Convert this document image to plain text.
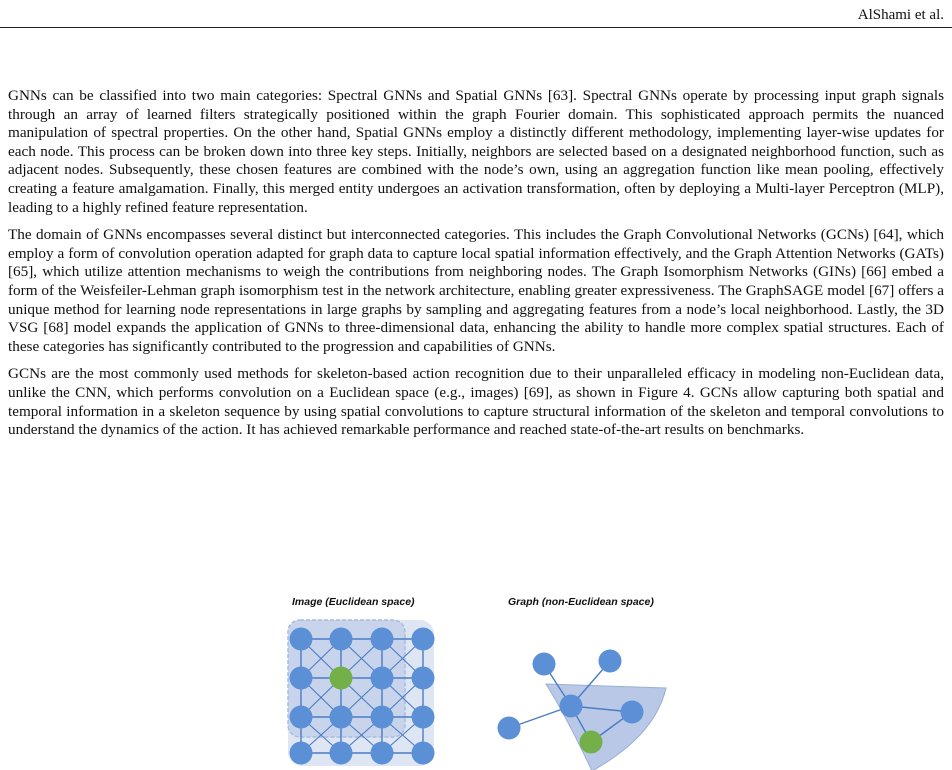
AlShami et al.

GNNs can be classified into two main categories: Spectral GNNs and Spatial GNNs [63]. Spectral GNNs operate by processing input graph signals through an array of learned filters strategically positioned within the graph Fourier domain. This sophisticated approach permits the nuanced manipulation of spectral properties. On the other hand, Spatial GNNs employ a distinctly different methodology, implementing layer-wise updates for each node. This process can be broken down into three key steps. Initially, neighbors are selected based on a designated neighborhood function, such as adjacent nodes. Subsequently, these chosen features are combined with the node’s own, using an aggregation function like mean pooling, effectively creating a feature amalgamation. Finally, this merged entity undergoes an activation transformation, often by deploying a Multi-layer Perceptron (MLP), leading to a highly refined feature representation.

The domain of GNNs encompasses several distinct but interconnected categories. This includes the Graph Convolutional Networks (GCNs) [64], which employ a form of convolution operation adapted for graph data to capture local spatial information effectively, and the Graph Attention Networks (GATs) [65], which utilize attention mechanisms to weigh the contributions from neighboring nodes. The Graph Isomorphism Networks (GINs) [66] embed a form of the Weisfeiler-Lehman graph isomorphism test in the network architecture, enabling greater expressiveness. The GraphSAGE model [67] offers a unique method for learning node representations in large graphs by sampling and aggregating features from a node’s local neighborhood. Lastly, the 3D VSG [68] model expands the application of GNNs to three-dimensional data, enhancing the ability to handle more complex spatial structures. Each of these categories has significantly contributed to the progression and capabilities of GNNs.

GCNs are the most commonly used methods for skeleton-based action recognition due to their unparalleled efficacy in modeling non-Euclidean data, unlike the CNN, which performs convolution on a Euclidean space (e.g., images) [69], as shown in Figure 4. GCNs allow capturing both spatial and temporal information in a skeleton sequence by using spatial convolutions to capture structural information of the skeleton and temporal convolutions to understand the dynamics of the action. It has achieved remarkable performance and reached state-of-the-art results on benchmarks.

Image (Euclidean space)	Graph (non-Euclidean space)
